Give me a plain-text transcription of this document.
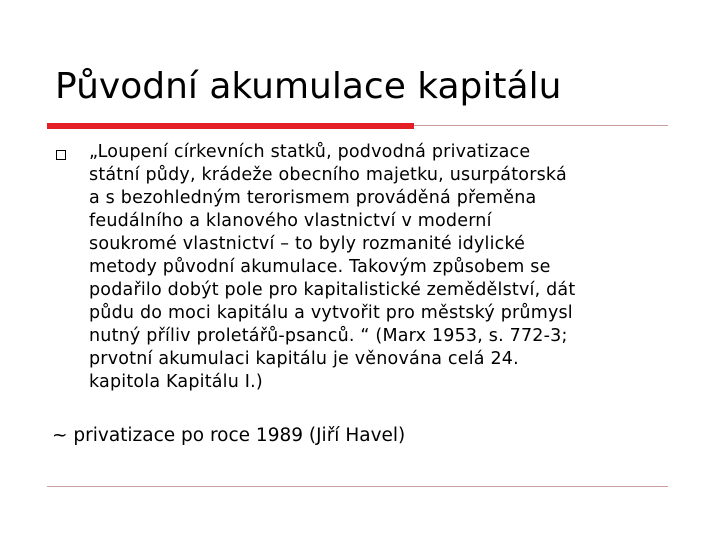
Původní akumulace kapitálu
„Loupení církevních statků, podvodná privatizace
státní půdy, krádeže obecního majetku, usurpátorská
a s bezohledným terorismem prováděná přeměna
feudálního a klanového vlastnictví v moderní
soukromé vlastnictví – to byly rozmanité idylické
metody původní akumulace. Takovým způsobem se
podařilo dobýt pole pro kapitalistické zemědělství, dát
půdu do moci kapitálu a vytvořit pro městský průmysl
nutný příliv proletářů-psanců. “ (Marx 1953, s. 772-3;
prvotní akumulaci kapitálu je věnována celá 24.
kapitola Kapitálu I.)
~ privatizace po roce 1989 (Jiří Havel)
